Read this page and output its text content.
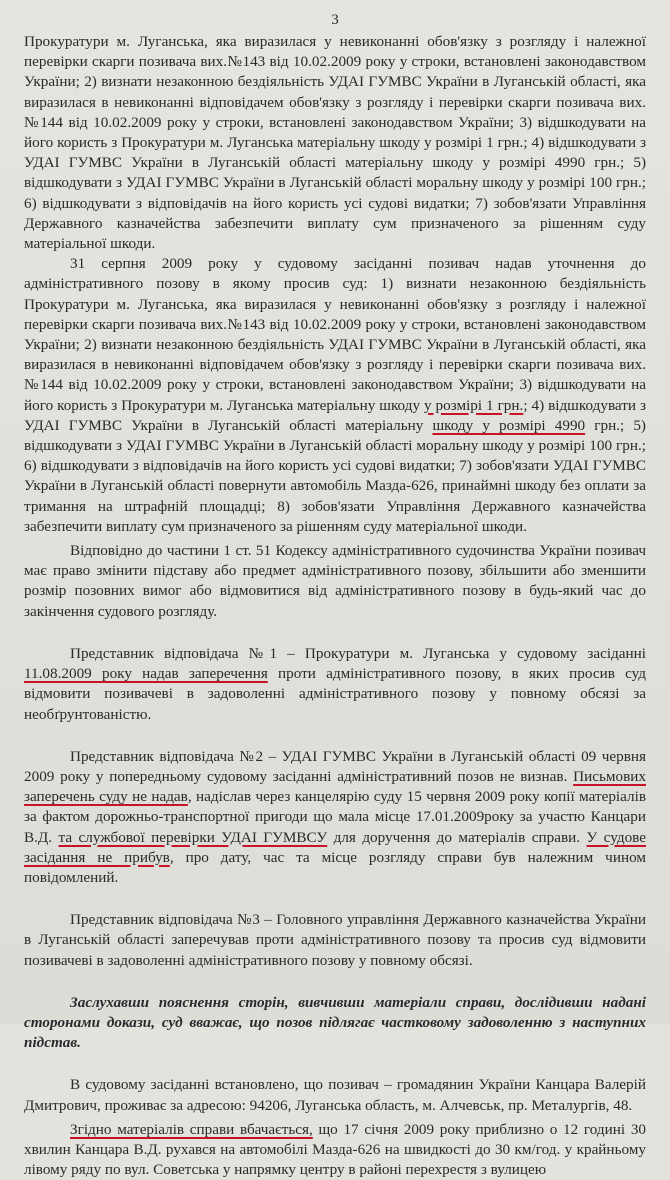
3

Прокуратури м. Луганська, яка виразилася у невиконанні обов'язку з розгляду і належної перевірки скарги позивача вих.№143 від 10.02.2009 року у строки, встановлені законодавством України; 2) визнати незаконною бездіяльність УДАІ ГУМВС України в Луганській області, яка виразилася в невиконанні відповідачем обов'язку з розгляду і перевірки скарги позивача вих.№144 від 10.02.2009 року у строки, встановлені законодавством України; 3) відшкодувати на його користь з Прокуратури м. Луганська матеріальну шкоду у розмірі 1 грн.; 4) відшкодувати з УДАІ ГУМВС України в Луганській області матеріальну шкоду у розмірі 4990 грн.; 5) відшкодувати з УДАІ ГУМВС України в Луганській області моральну шкоду у розмірі 100 грн.; 6) відшкодувати з відповідачів на його користь усі судові видатки; 7) зобов'язати Управління Державного казначейства забезпечити виплату сум призначеного за рішенням суду матеріальної шкоди.

31 серпня 2009 року у судовому засіданні позивач надав уточнення до адміністративного позову в якому просив суд: 1) визнати незаконною бездіяльність Прокуратури м. Луганська, яка виразилася у невиконанні обов'язку з розгляду і належної перевірки скарги позивача вих.№143 від 10.02.2009 року у строки, встановлені законодавством України; 2) визнати незаконною бездіяльність УДАІ ГУМВС України в Луганській області, яка виразилася в невиконанні відповідачем обов'язку з розгляду і перевірки скарги позивача вих.№144 від 10.02.2009 року у строки, встановлені законодавством України; 3) відшкодувати на його користь з Прокуратури м. Луганська матеріальну шкоду у розмірі 1 грн.; 4) відшкодувати з УДАІ ГУМВС України в Луганській області матеріальну шкоду у розмірі 4990 грн.; 5) відшкодувати з УДАІ ГУМВС України в Луганській області моральну шкоду у розмірі 100 грн.; 6) відшкодувати з відповідачів на його користь усі судові видатки; 7) зобов'язати УДАІ ГУМВС України в Луганській області повернути автомобіль Мазда-626, принаймні шкоду без оплати за тримання на штрафній площадці; 8) зобов'язати Управління Державного казначейства забезпечити виплату сум призначеного за рішенням суду матеріальної шкоди.

Відповідно до частини 1 ст. 51 Кодексу адміністративного судочинства України позивач має право змінити підставу або предмет адміністративного позову, збільшити або зменшити розмір позовних вимог або відмовитися від адміністративного позову в будь-який час до закінчення судового розгляду.

Представник відповідача №1 – Прокуратури м. Луганська у судовому засіданні 11.08.2009 року надав заперечення проти адміністративного позову, в яких просив суд відмовити позивачеві в задоволенні адміністративного позову у повному обсязі за необґрунтованістю.

Представник відповідача №2 – УДАІ ГУМВС України в Луганській області 09 червня 2009 року у попередньому судовому засіданні адміністративний позов не визнав. Письмових заперечень суду не надав, надіслав через канцелярію суду 15 червня 2009 року копії матеріалів за фактом дорожньо-транспортної пригоди що мала місце 17.01.2009року за участю Канцари В.Д. та службової перевірки УДАІ ГУМВСУ для доручення до матеріалів справи. У судове засідання не прибув, про дату, час та місце розгляду справи був належним чином повідомлений.

Представник відповідача №3 – Головного управління Державного казначейства України в Луганській області заперечував проти адміністративного позову та просив суд відмовити позивачеві в задоволенні адміністративного позову у повному обсязі.

Заслухавши пояснення сторін, вивчивши матеріали справи, дослідивши надані сторонами докази, суд вважає, що позов підлягає частковому задоволенню з наступних підстав.

В судовому засіданні встановлено, що позивач – громадянин України Канцара Валерій Дмитрович, проживає за адресою: 94206, Луганська область, м. Алчевськ, пр. Металургів, 48.

Згідно матеріалів справи вбачається, що 17 січня 2009 року приблизно о 12 годині 30 хвилин Канцара В.Д. рухався на автомобілі Мазда-626 на швидкості до 30 км/год. у крайньому лівому ряду по вул. Советська у напрямку центру в районі перехрестя з вулицею
